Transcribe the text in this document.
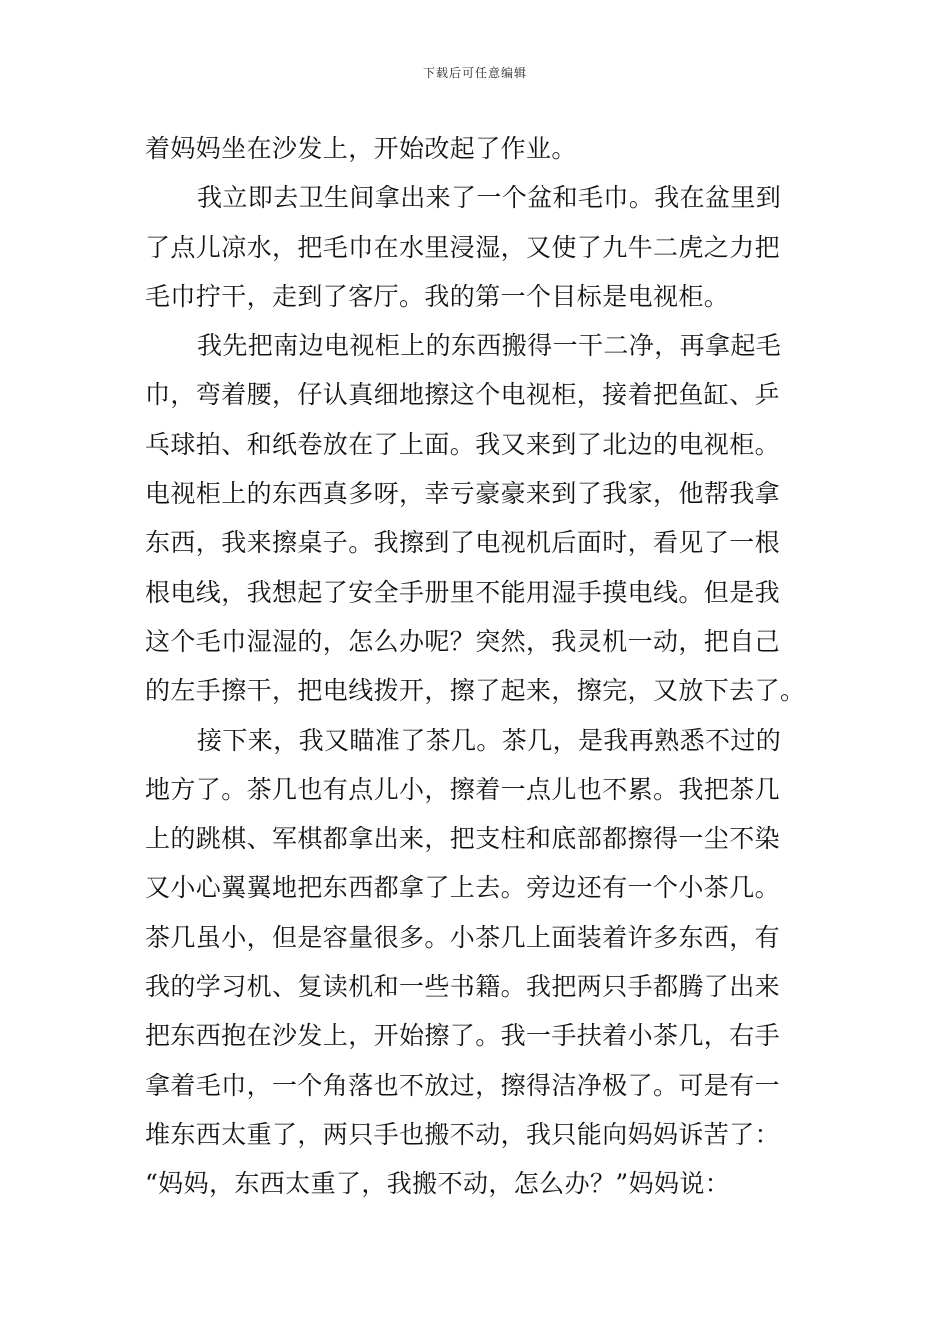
下载后可任意编辑
着妈妈坐在沙发上，开始改起了作业。
我立即去卫生间拿出来了一个盆和毛巾。我在盆里到
了点儿凉水，把毛巾在水里浸湿，又使了九牛二虎之力把
毛巾拧干，走到了客厅。我的第一个目标是电视柜。
我先把南边电视柜上的东西搬得一干二净，再拿起毛
巾，弯着腰，仔认真细地擦这个电视柜，接着把鱼缸、乒
乓球拍、和纸卷放在了上面。我又来到了北边的电视柜。
电视柜上的东西真多呀，幸亏豪豪来到了我家，他帮我拿
东西，我来擦桌子。我擦到了电视机后面时，看见了一根
根电线，我想起了安全手册里不能用湿手摸电线。但是我
这个毛巾湿湿的，怎么办呢？突然，我灵机一动，把自己
的左手擦干，把电线拨开，擦了起来，擦完，又放下去了。
接下来，我又瞄准了茶几。茶几，是我再熟悉不过的
地方了。茶几也有点儿小，擦着一点儿也不累。我把茶几
上的跳棋、军棋都拿出来，把支柱和底部都擦得一尘不染
又小心翼翼地把东西都拿了上去。旁边还有一个小茶几。
茶几虽小，但是容量很多。小茶几上面装着许多东西，有
我的学习机、复读机和一些书籍。我把两只手都腾了出来
把东西抱在沙发上，开始擦了。我一手扶着小茶几，右手
拿着毛巾，一个角落也不放过，擦得洁净极了。可是有一
堆东西太重了，两只手也搬不动，我只能向妈妈诉苦了：
“妈妈，东西太重了，我搬不动，怎么办？”妈妈说：
